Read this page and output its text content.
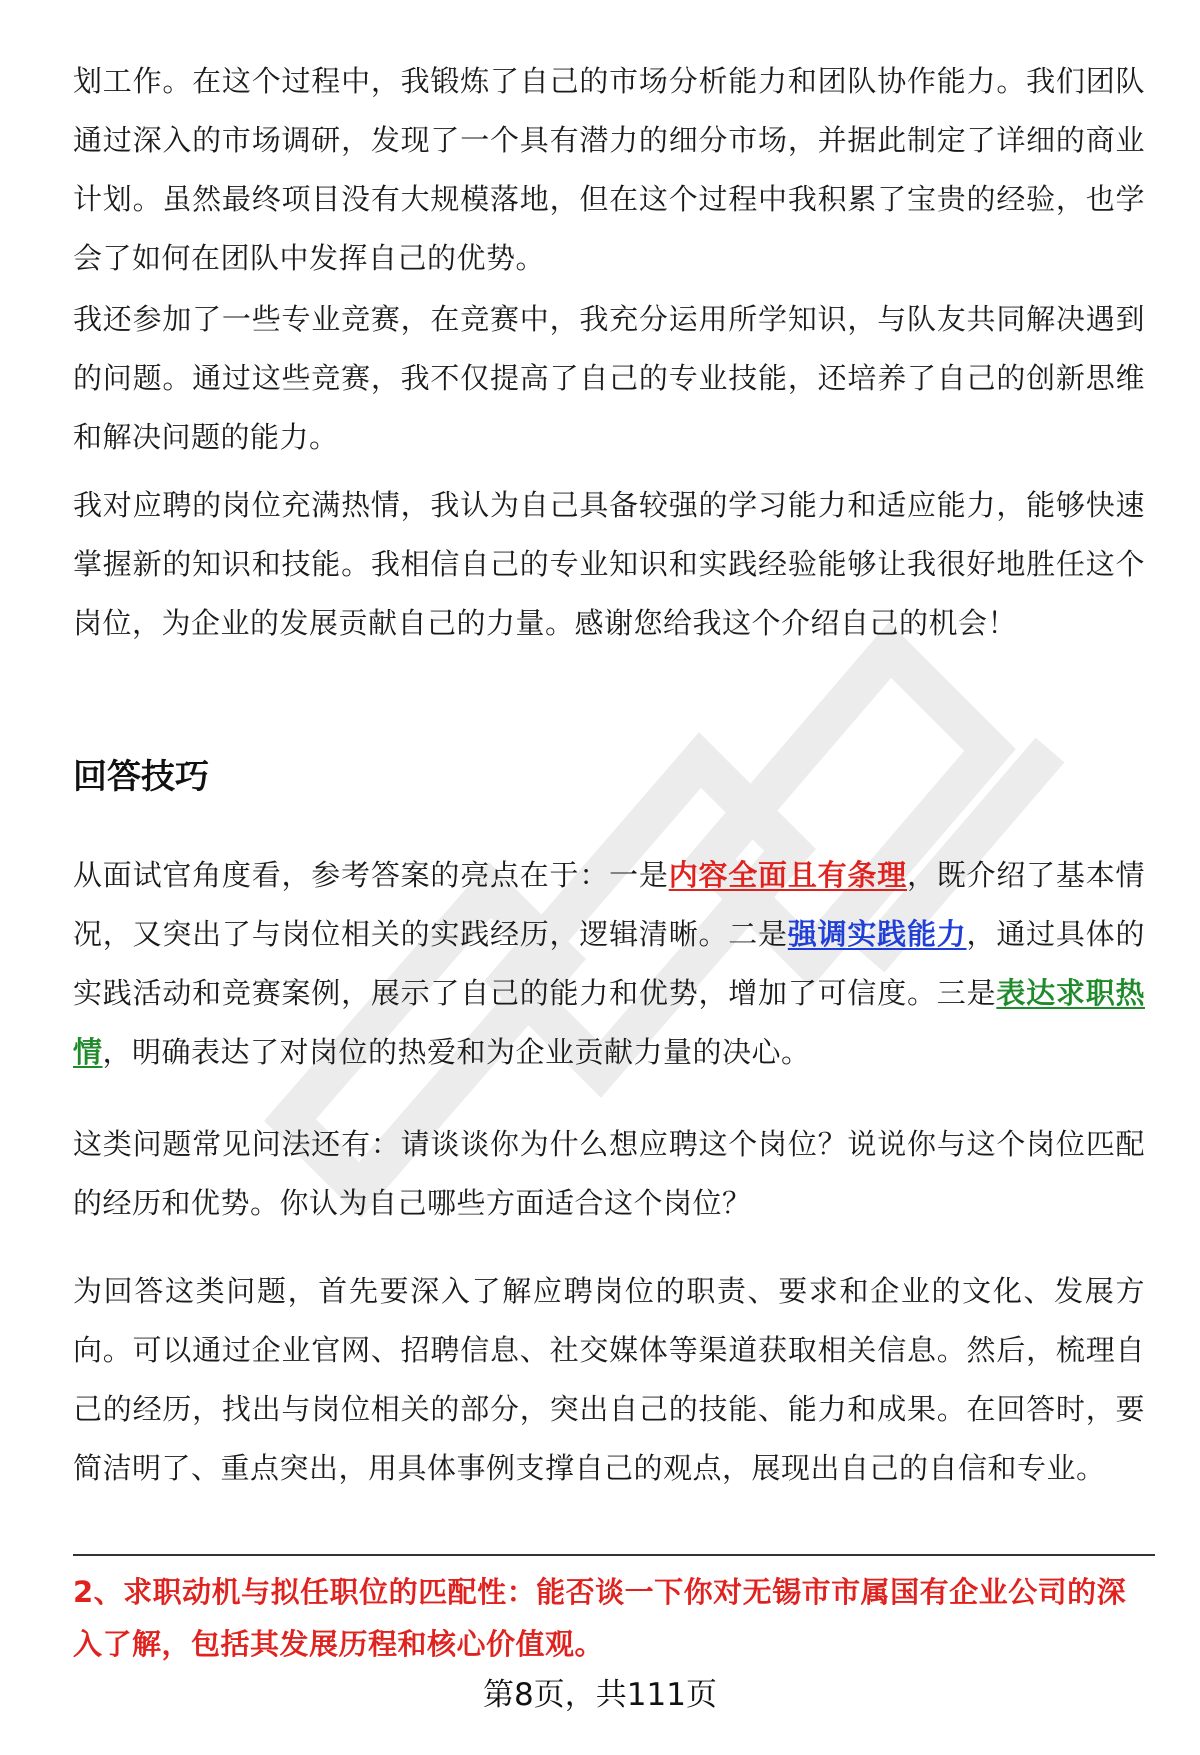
划工作。在这个过程中，我锻炼了自己的市场分析能力和团队协作能力。我们团队通过深入的市场调研，发现了一个具有潜力的细分市场，并据此制定了详细的商业计划。虽然最终项目没有大规模落地，但在这个过程中我积累了宝贵的经验，也学会了如何在团队中发挥自己的优势。

我还参加了一些专业竞赛，在竞赛中，我充分运用所学知识，与队友共同解决遇到的问题。通过这些竞赛，我不仅提高了自己的专业技能，还培养了自己的创新思维和解决问题的能力。

我对应聘的岗位充满热情，我认为自己具备较强的学习能力和适应能力，能够快速掌握新的知识和技能。我相信自己的专业知识和实践经验能够让我很好地胜任这个岗位，为企业的发展贡献自己的力量。感谢您给我这个介绍自己的机会！

回答技巧

从面试官角度看，参考答案的亮点在于：一是内容全面且有条理，既介绍了基本情况，又突出了与岗位相关的实践经历，逻辑清晰。二是强调实践能力，通过具体的实践活动和竞赛案例，展示了自己的能力和优势，增加了可信度。三是表达求职热情，明确表达了对岗位的热爱和为企业贡献力量的决心。

这类问题常见问法还有：请谈谈你为什么想应聘这个岗位？说说你与这个岗位匹配的经历和优势。你认为自己哪些方面适合这个岗位？

为回答这类问题，首先要深入了解应聘岗位的职责、要求和企业的文化、发展方向。可以通过企业官网、招聘信息、社交媒体等渠道获取相关信息。然后，梳理自己的经历，找出与岗位相关的部分，突出自己的技能、能力和成果。在回答时，要简洁明了、重点突出，用具体事例支撑自己的观点，展现出自己的自信和专业。

2、求职动机与拟任职位的匹配性：能否谈一下你对无锡市市属国有企业公司的深入了解，包括其发展历程和核心价值观。

第8页，共111页
